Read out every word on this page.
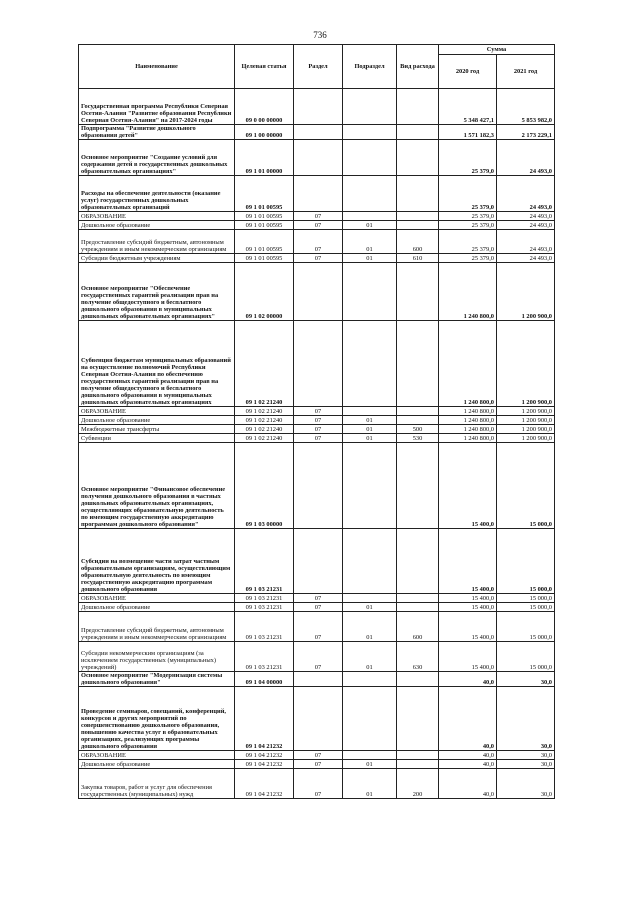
736
Наименование	Целевая статья	Раздел	Подраздел	Вид расхода	Сумма	
					2020 год	2021 год
Государственная программа Республики Северная Осетия-Алания "Развитие образования Республики Северная Осетия-Алания" на 2017-2024 годы	09 0 00 00000				5 348 427,1	5 853 982,0
Подпрограмма "Развитие дошкольного образования детей"	09 1 00 00000				1 571 182,3	2 173 229,1
Основное мероприятие "Создание условий для содержания детей в государственных дошкольных образовательных организациях"	09 1 01 00000				25 379,0	24 493,0
Расходы на обеспечение деятельности (оказание услуг) государственных дошкольных образовательных организаций	09 1 01 00595				25 379,0	24 493,0
ОБРАЗОВАНИЕ	09 1 01 00595	07			25 379,0	24 493,0
Дошкольное образование	09 1 01 00595	07	01		25 379,0	24 493,0
Предоставление субсидий бюджетным, автономным учреждениям и иным некоммерческим организациям	09 1 01 00595	07	01	600	25 379,0	24 493,0
Субсидии бюджетным учреждениям	09 1 01 00595	07	01	610	25 379,0	24 493,0
Основное мероприятие "Обеспечение государственных гарантий реализации прав на получение общедоступного и бесплатного дошкольного образования в муниципальных дошкольных образовательных организациях"	09 1 02 00000				1 240 800,0	1 200 900,0
Субвенция бюджетам муниципальных образований на осуществление полномочий Республики Северная Осетия-Алания по обеспечению государственных гарантий реализации прав на получение общедоступного и бесплатного дошкольного образования в муниципальных дошкольных образовательных организациях	09 1 02 21240				1 240 800,0	1 200 900,0
ОБРАЗОВАНИЕ	09 1 02 21240	07			1 240 800,0	1 200 900,0
Дошкольное образование	09 1 02 21240	07	01		1 240 800,0	1 200 900,0
Межбюджетные трансферты	09 1 02 21240	07	01	500	1 240 800,0	1 200 900,0
Субвенции	09 1 02 21240	07	01	530	1 240 800,0	1 200 900,0
Основное мероприятие "Финансовое обеспечение получения дошкольного образования в частных дошкольных образовательных организациях, осуществляющих образовательную деятельность по имеющим государственную аккредитацию программам дошкольного образования"	09 1 03 00000				15 400,0	15 000,0
Субсидии на возмещение части затрат частным образовательным организациям, осуществляющим образовательную деятельность по имеющим государственную аккредитацию программам дошкольного образования	09 1 03 21231				15 400,0	15 000,0
ОБРАЗОВАНИЕ	09 1 03 21231	07			15 400,0	15 000,0
Дошкольное образование	09 1 03 21231	07	01		15 400,0	15 000,0
Предоставление субсидий бюджетным, автономным учреждениям и иным некоммерческим организациям	09 1 03 21231	07	01	600	15 400,0	15 000,0
Субсидии некоммерческим организациям (за исключением государственных (муниципальных) учреждений)	09 1 03 21231	07	01	630	15 400,0	15 000,0
Основное мероприятие "Модернизация системы дошкольного образования"	09 1 04 00000				40,0	30,0
Проведение семинаров, совещаний, конференций, конкурсов и других мероприятий по совершенствованию дошкольного образования, повышению качества услуг в образовательных организациях, реализующих программы дошкольного образования	09 1 04 21232				40,0	30,0
ОБРАЗОВАНИЕ	09 1 04 21232	07			40,0	30,0
Дошкольное образование	09 1 04 21232	07	01		40,0	30,0
Закупка товаров, работ и услуг для обеспечения государственных (муниципальных) нужд	09 1 04 21232	07	01	200	40,0	30,0
